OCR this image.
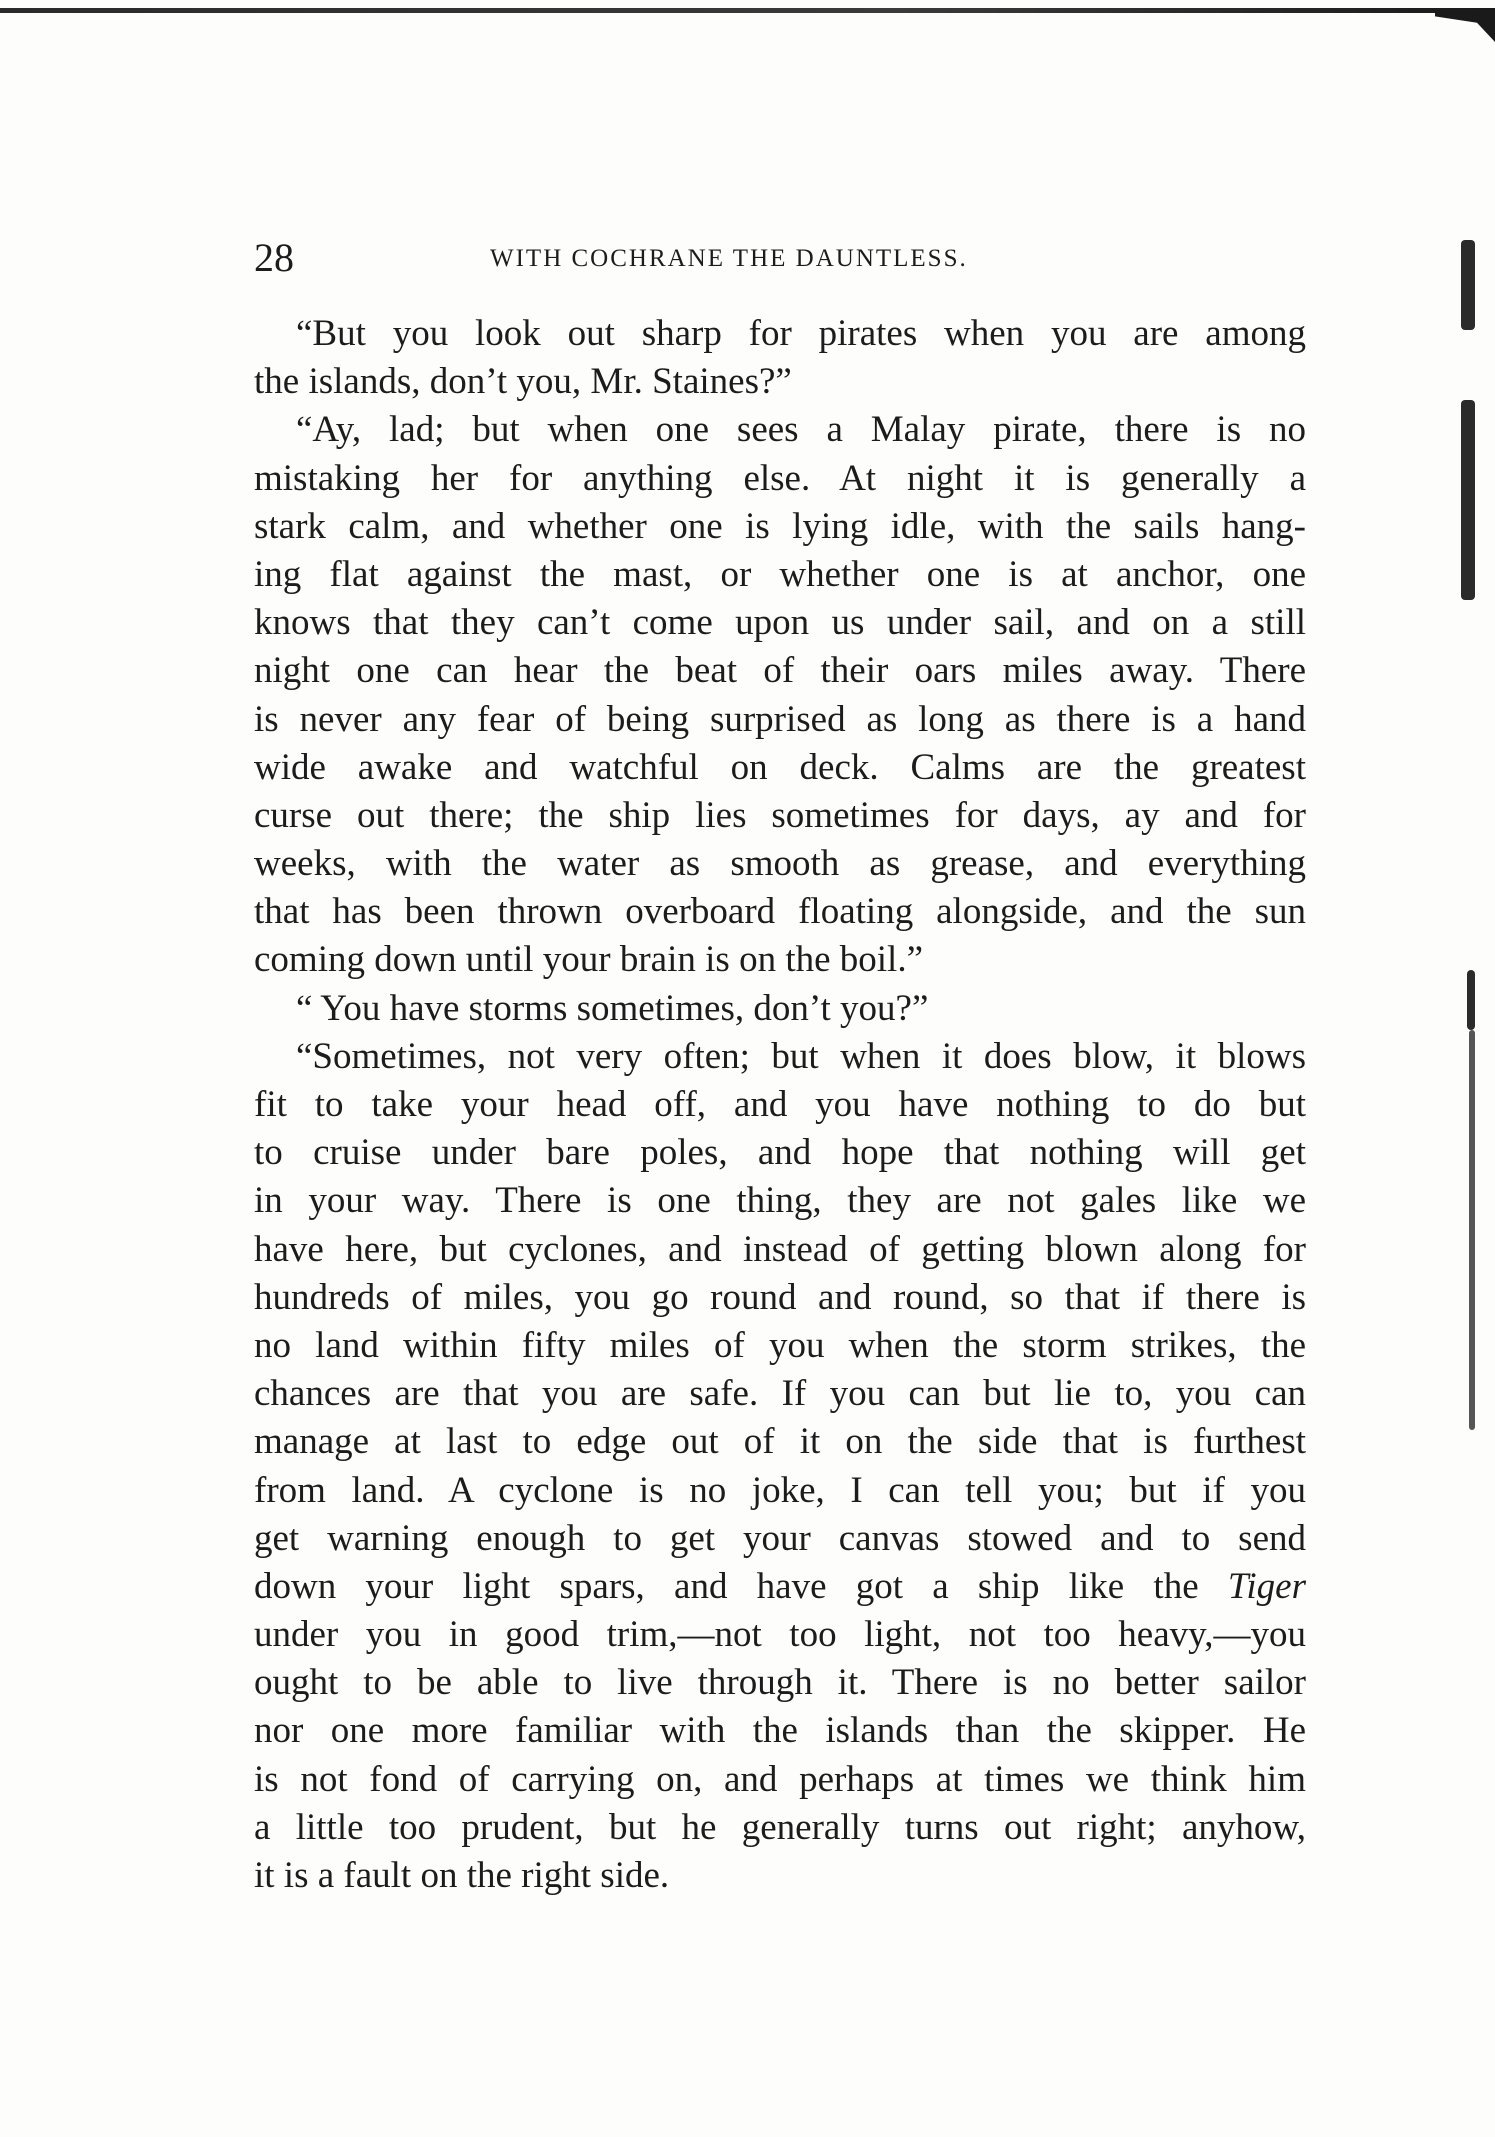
28	WITH COCHRANE THE DAUNTLESS.
“But you look out sharp for pirates when you are among
the islands, don’t you, Mr. Staines?”
“Ay, lad; but when one sees a Malay pirate, there is no
mistaking her for anything else. At night it is generally a
stark calm, and whether one is lying idle, with the sails hang-
ing flat against the mast, or whether one is at anchor, one
knows that they can’t come upon us under sail, and on a still
night one can hear the beat of their oars miles away. There
is never any fear of being surprised as long as there is a hand
wide awake and watchful on deck. Calms are the greatest
curse out there; the ship lies sometimes for days, ay and for
weeks, with the water as smooth as grease, and everything
that has been thrown overboard floating alongside, and the sun
coming down until your brain is on the boil.”
“ You have storms sometimes, don’t you?”
“Sometimes, not very often; but when it does blow, it blows
fit to take your head off, and you have nothing to do but
to cruise under bare poles, and hope that nothing will get
in your way. There is one thing, they are not gales like we
have here, but cyclones, and instead of getting blown along for
hundreds of miles, you go round and round, so that if there is
no land within fifty miles of you when the storm strikes, the
chances are that you are safe. If you can but lie to, you can
manage at last to edge out of it on the side that is furthest
from land. A cyclone is no joke, I can tell you; but if you
get warning enough to get your canvas stowed and to send
down your light spars, and have got a ship like the Tiger
under you in good trim,—not too light, not too heavy,—you
ought to be able to live through it. There is no better sailor
nor one more familiar with the islands than the skipper. He
is not fond of carrying on, and perhaps at times we think him
a little too prudent, but he generally turns out right; anyhow,
it is a fault on the right side.
